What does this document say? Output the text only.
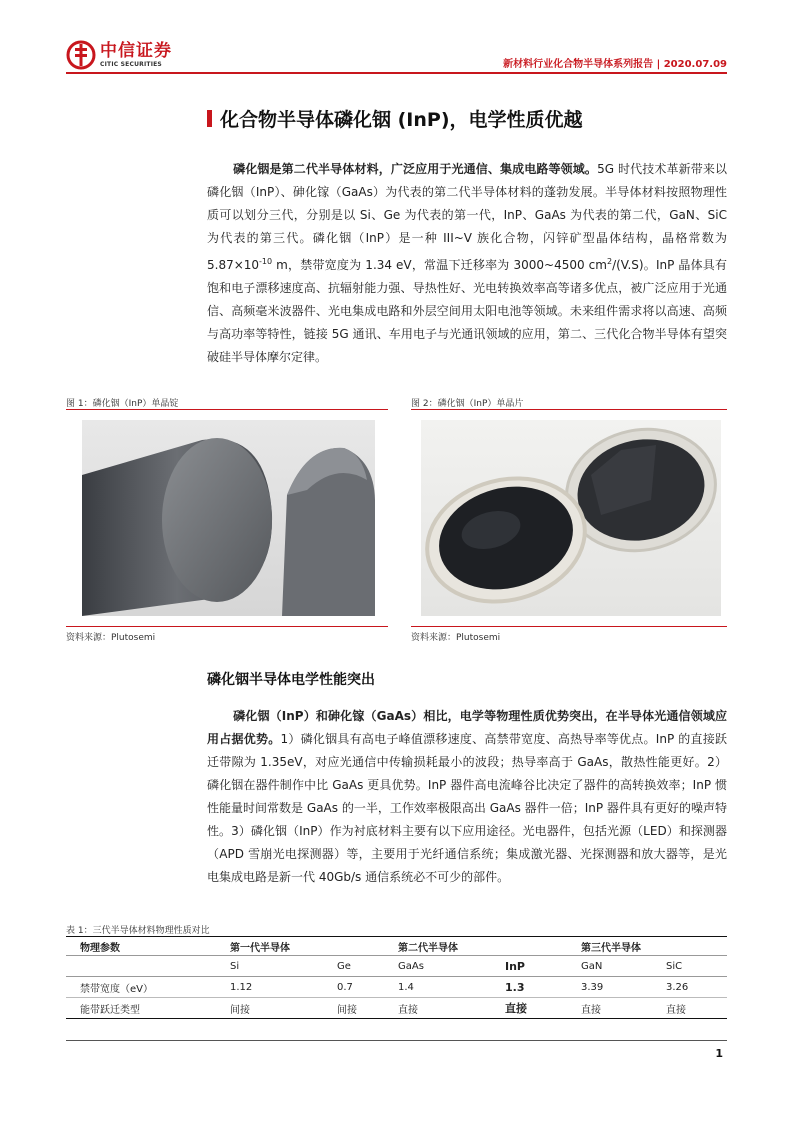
中信证券
CITIC SECURITIES	新材料行业化合物半导体系列报告 | 2020.07.09
化合物半导体磷化铟 (InP)，电学性质优越
磷化铟是第二代半导体材料，广泛应用于光通信、集成电路等领域。5G 时代技术革新带来以磷化铟（InP）、砷化镓（GaAs）为代表的第二代半导体材料的蓬勃发展。半导体材料按照物理性质可以划分三代，分别是以 Si、Ge 为代表的第一代，InP、GaAs 为代表的第二代，GaN、SiC 为代表的第三代。磷化铟（InP）是一种 III~V 族化合物，闪锌矿型晶体结构，晶格常数为 $5.87\times 10^{-10}$ m，禁带宽度为 1.34 eV，常温下迁移率为 3000~4500 $cm^2/(V.S)$。InP 晶体具有饱和电子漂移速度高、抗辐射能力强、导热性好、光电转换效率高等诸多优点，被广泛应用于光通信、高频毫米波器件、光电集成电路和外层空间用太阳电池等领域。未来组件需求将以高速、高频与高功率等特性，链接 5G 通讯、车用电子与光通讯领域的应用，第二、三代化合物半导体有望突破硅半导体摩尔定律。
图 1：磷化铟（InP）单晶锭
资料来源：Plutosemi
图 2：磷化铟（InP）单晶片
资料来源：Plutosemi
磷化铟半导体电学性能突出
磷化铟（InP）和砷化镓（GaAs）相比，电学等物理性质优势突出，在半导体光通信领域应用占据优势。1）磷化铟具有高电子峰值漂移速度、高禁带宽度、高热导率等优点。InP 的直接跃迁带隙为 1.35eV，对应光通信中传输损耗最小的波段；热导率高于 GaAs，散热性能更好。2）磷化铟在器件制作中比 GaAs 更具优势。InP 器件高电流峰谷比决定了器件的高转换效率；InP 惯性能量时间常数是 GaAs 的一半，工作效率极限高出 GaAs 器件一倍；InP 器件具有更好的噪声特性。3）磷化铟（InP）作为衬底材料主要有以下应用途径。光电器件，包括光源（LED）和探测器（APD 雪崩光电探测器）等，主要用于光纤通信系统；集成激光器、光探测器和放大器等，是光电集成电路是新一代 40Gb/s 通信系统必不可少的部件。
表 1：三代半导体材料物理性质对比
物理参数	第一代半导体		第二代半导体		第三代半导体	
	Si	Ge	GaAs	InP	GaN	SiC
禁带宽度（eV）	1.12	0.7	1.4	1.3	3.39	3.26
能带跃迁类型	间接	间接	直接	直接	直接	直接
1
